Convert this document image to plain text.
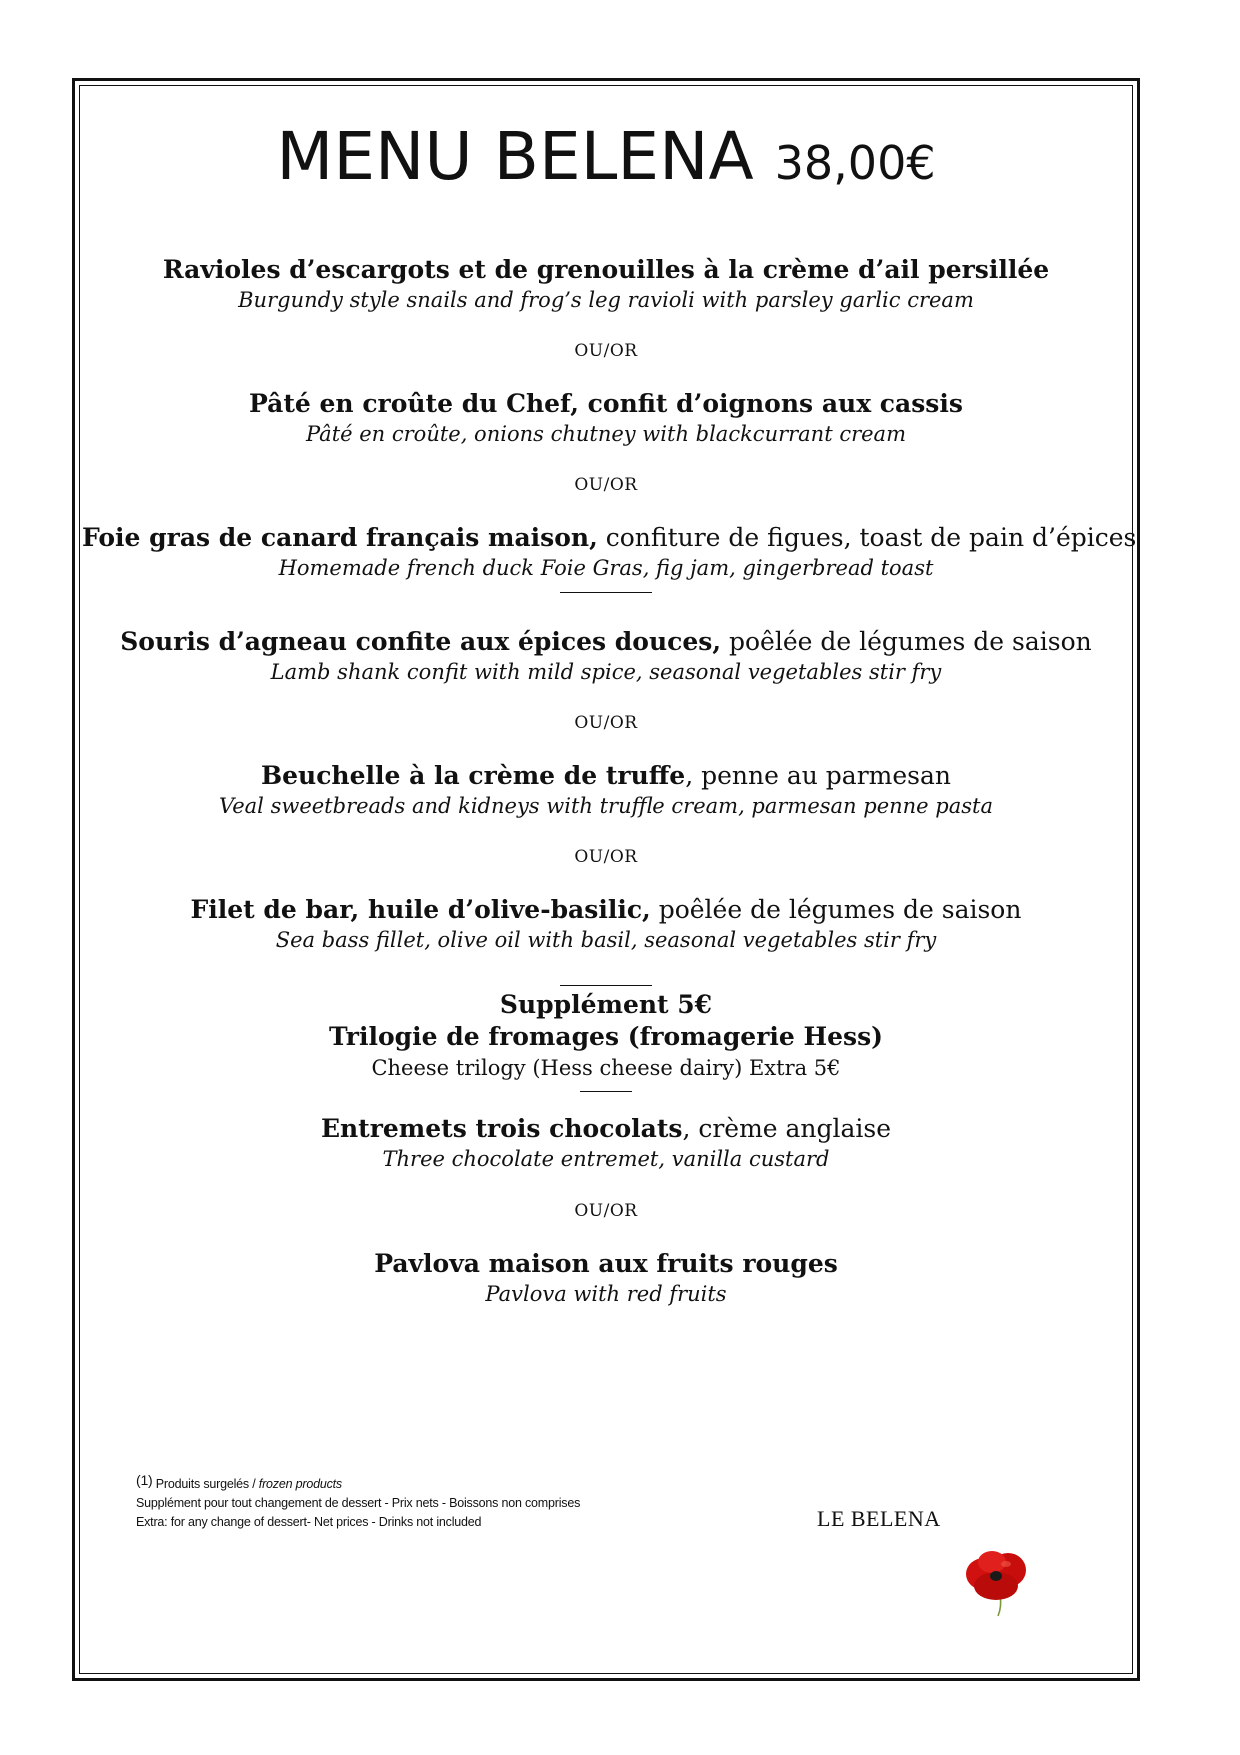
MENU BELENA 38,00€
Ravioles d’escargots et de grenouilles à la crème d’ail persillée
Burgundy style snails and frog’s leg ravioli with parsley garlic cream
OU/OR
Pâté en croûte du Chef, confit d’oignons aux cassis
Pâté en croûte, onions chutney with blackcurrant cream
OU/OR
Foie gras de canard français maison, confiture de figues, toast de pain d’épices
Homemade french duck Foie Gras, fig jam, gingerbread toast
Souris d’agneau confite aux épices douces, poêlée de légumes de saison
Lamb shank confit with mild spice, seasonal vegetables stir fry
OU/OR
Beuchelle à la crème de truffe, penne au parmesan
Veal sweetbreads and kidneys with truffle cream, parmesan penne pasta
OU/OR
Filet de bar, huile d’olive-basilic, poêlée de légumes de saison
Sea bass fillet, olive oil with basil, seasonal vegetables stir fry
Supplément 5€
Trilogie de fromages (fromagerie Hess)
Cheese trilogy (Hess cheese dairy) Extra 5€
Entremets trois chocolats, crème anglaise
Three chocolate entremet, vanilla custard
OU/OR
Pavlova maison aux fruits rouges
Pavlova with red fruits
$^{(1)}$ Produits surgelés / frozen products
Supplément pour tout changement de dessert - Prix nets - Boissons non comprises
Extra: for any change of dessert- Net prices - Drinks not included	LE BELENA
